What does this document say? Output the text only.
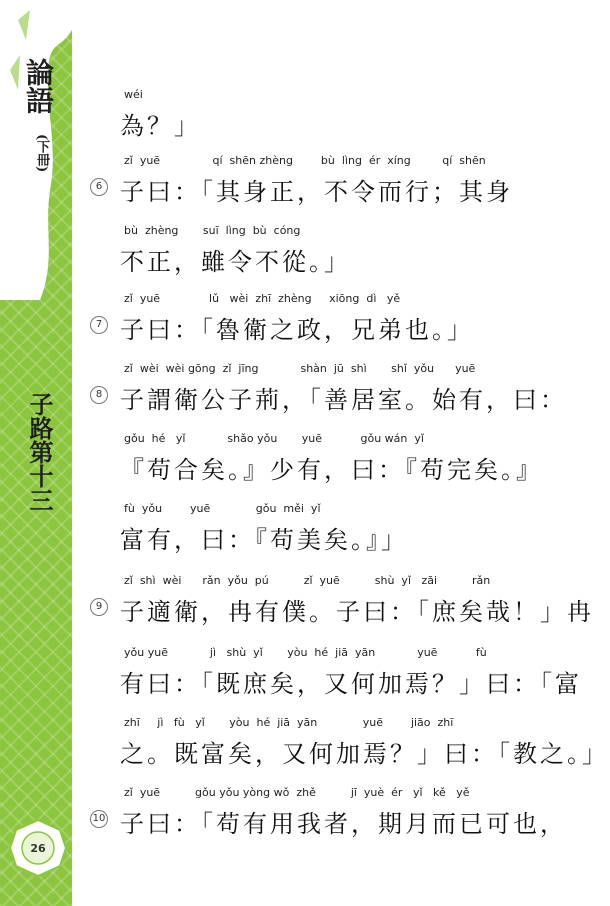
論語
(下冊)
子路第十三
26
wéi
為？」
6
zǐ  yuē               qí  shēn zhèng        bù  lìng  ér  xíng         qí  shēn
子曰：「其身正，不令而行；其身
bù  zhèng       suī  lìng  bù  cóng
不正，雖令不從。」
7
zǐ  yuē              lǔ   wèi  zhī  zhèng     xiōng  dì   yě
子曰：「魯衛之政，兄弟也。」
8
zǐ  wèi  wèi gōng  zǐ  jīng            shàn  jū  shì       shǐ  yǒu      yuē
子謂衛公子荊，「善居室。始有，曰：
gǒu  hé   yǐ            shǎo yǒu       yuē           gǒu wán  yǐ
『苟合矣。』少有，曰：『苟完矣。』
fù  yǒu        yuē             gǒu  měi  yǐ
富有，曰：『苟美矣。』」
9
zǐ  shì  wèi      rǎn  yǒu  pú          zǐ  yuē          shù  yǐ   zāi          rǎn
子適衛，冉有僕。子曰：「庶矣哉！」冉
yǒu yuē            jì   shù  yǐ       yòu  hé  jiā  yān            yuē           fù
有曰：「既庶矣，又何加焉？」曰：「富
zhī     jì   fù   yǐ       yòu  hé  jiā  yān             yuē        jiāo  zhī
之。既富矣，又何加焉？」曰：「教之。」
10
zǐ  yuē          gǒu yǒu yòng wǒ  zhě          jī  yuè  ér   yǐ   kě   yě
子曰：「苟有用我者，期月而已可也，
